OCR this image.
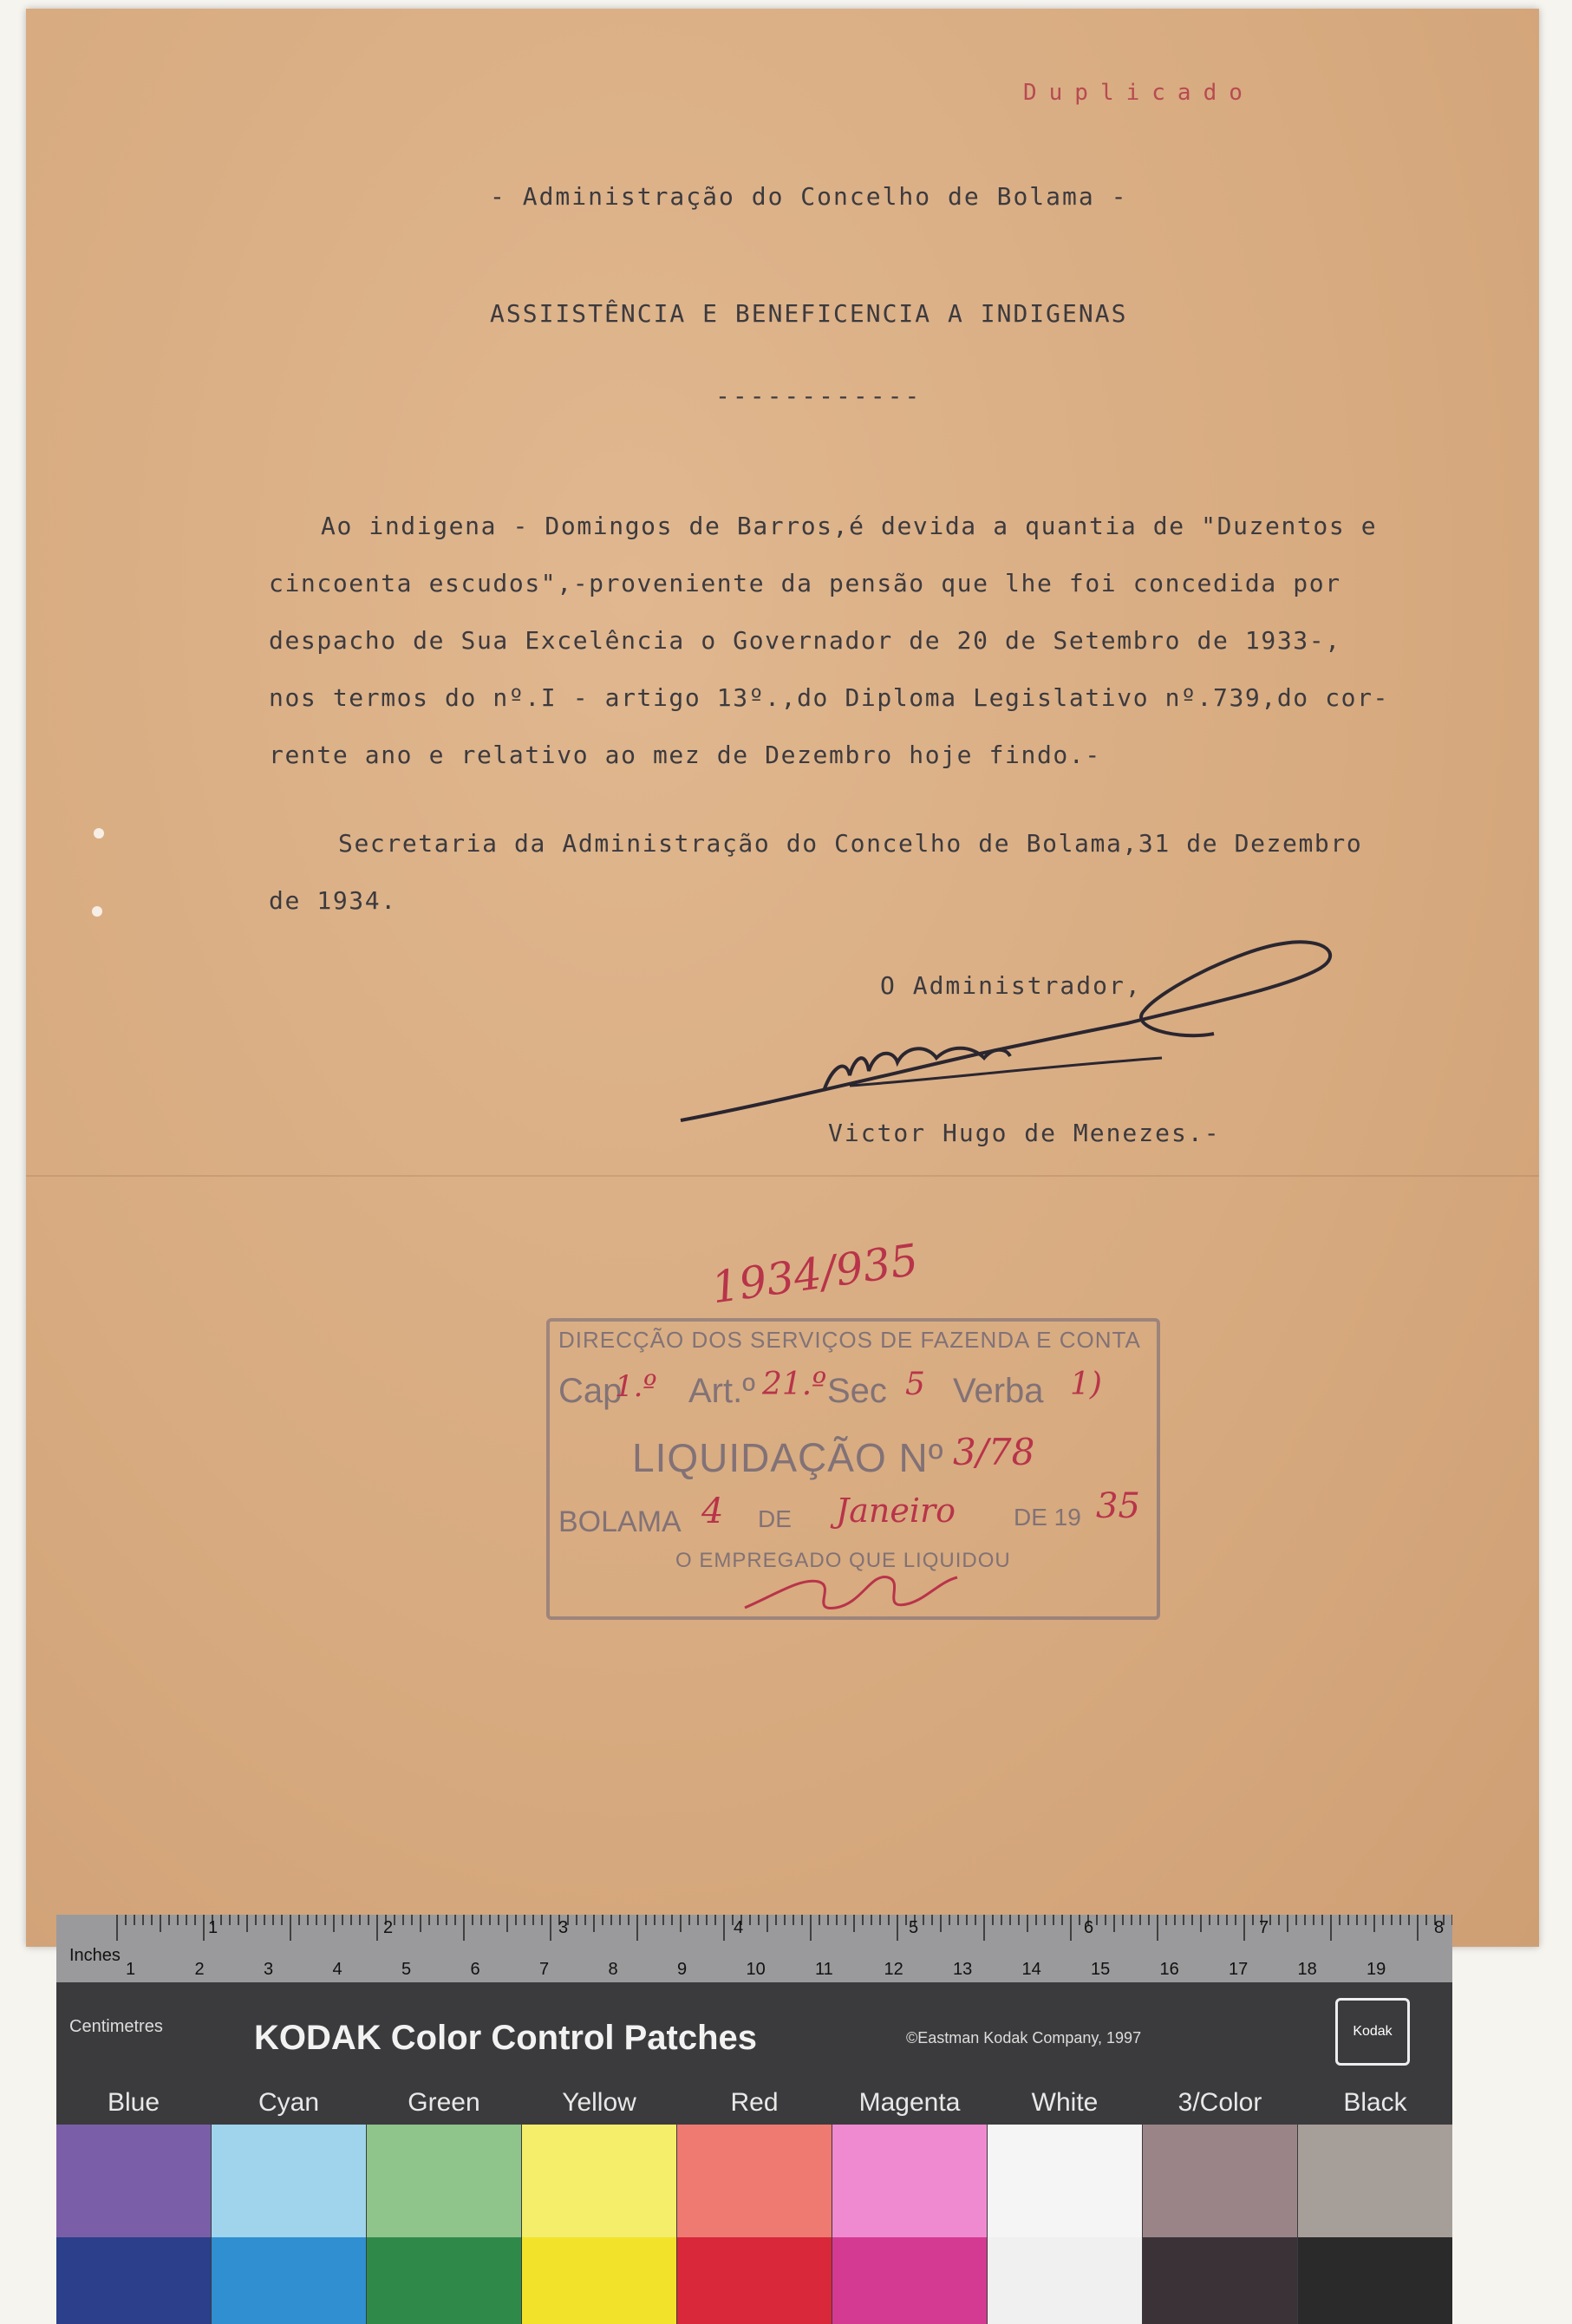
Duplicado
- Administração do Concelho de Bolama -
ASSIISTÊNCIA E BENEFICENCIA A INDIGENAS
------------
Ao indigena - Domingos de Barros,é devida a quantia de "Duzentos e
cincoenta escudos",-proveniente da pensão que lhe foi concedida por
despacho de Sua Excelência o Governador de 20 de Setembro de 1933-,
nos termos do nº.I - artigo 13º.,do Diploma Legislativo nº.739,do cor-
rente ano e relativo ao mez de Dezembro hoje findo.-
Secretaria da Administração do Concelho de Bolama,31 de Dezembro
de 1934.
O Administrador,
Victor Hugo de Menezes.-
1934/935
DIRECÇÃO DOS SERVIÇOS DE FAZENDA E CONTA
Cap
1.º Art.º 21.º Sec 5 Verba 1)
LIQUIDAÇÃO Nº 3/78
BOLAMA 4 DE Janeiro DE 19 35
O EMPREGADO QUE LIQUIDOU
Inches
Centimetres
1	2	3	4	5	6	7	8
1	2	3	4	5	6	7	8	9	10	11	12	13	14	15	16	17	18	19
KODAK Color Control Patches	©Eastman Kodak Company, 1997	Kodak
Blue	Cyan	Green	Yellow	Red	Magenta	White	3/Color	Black
